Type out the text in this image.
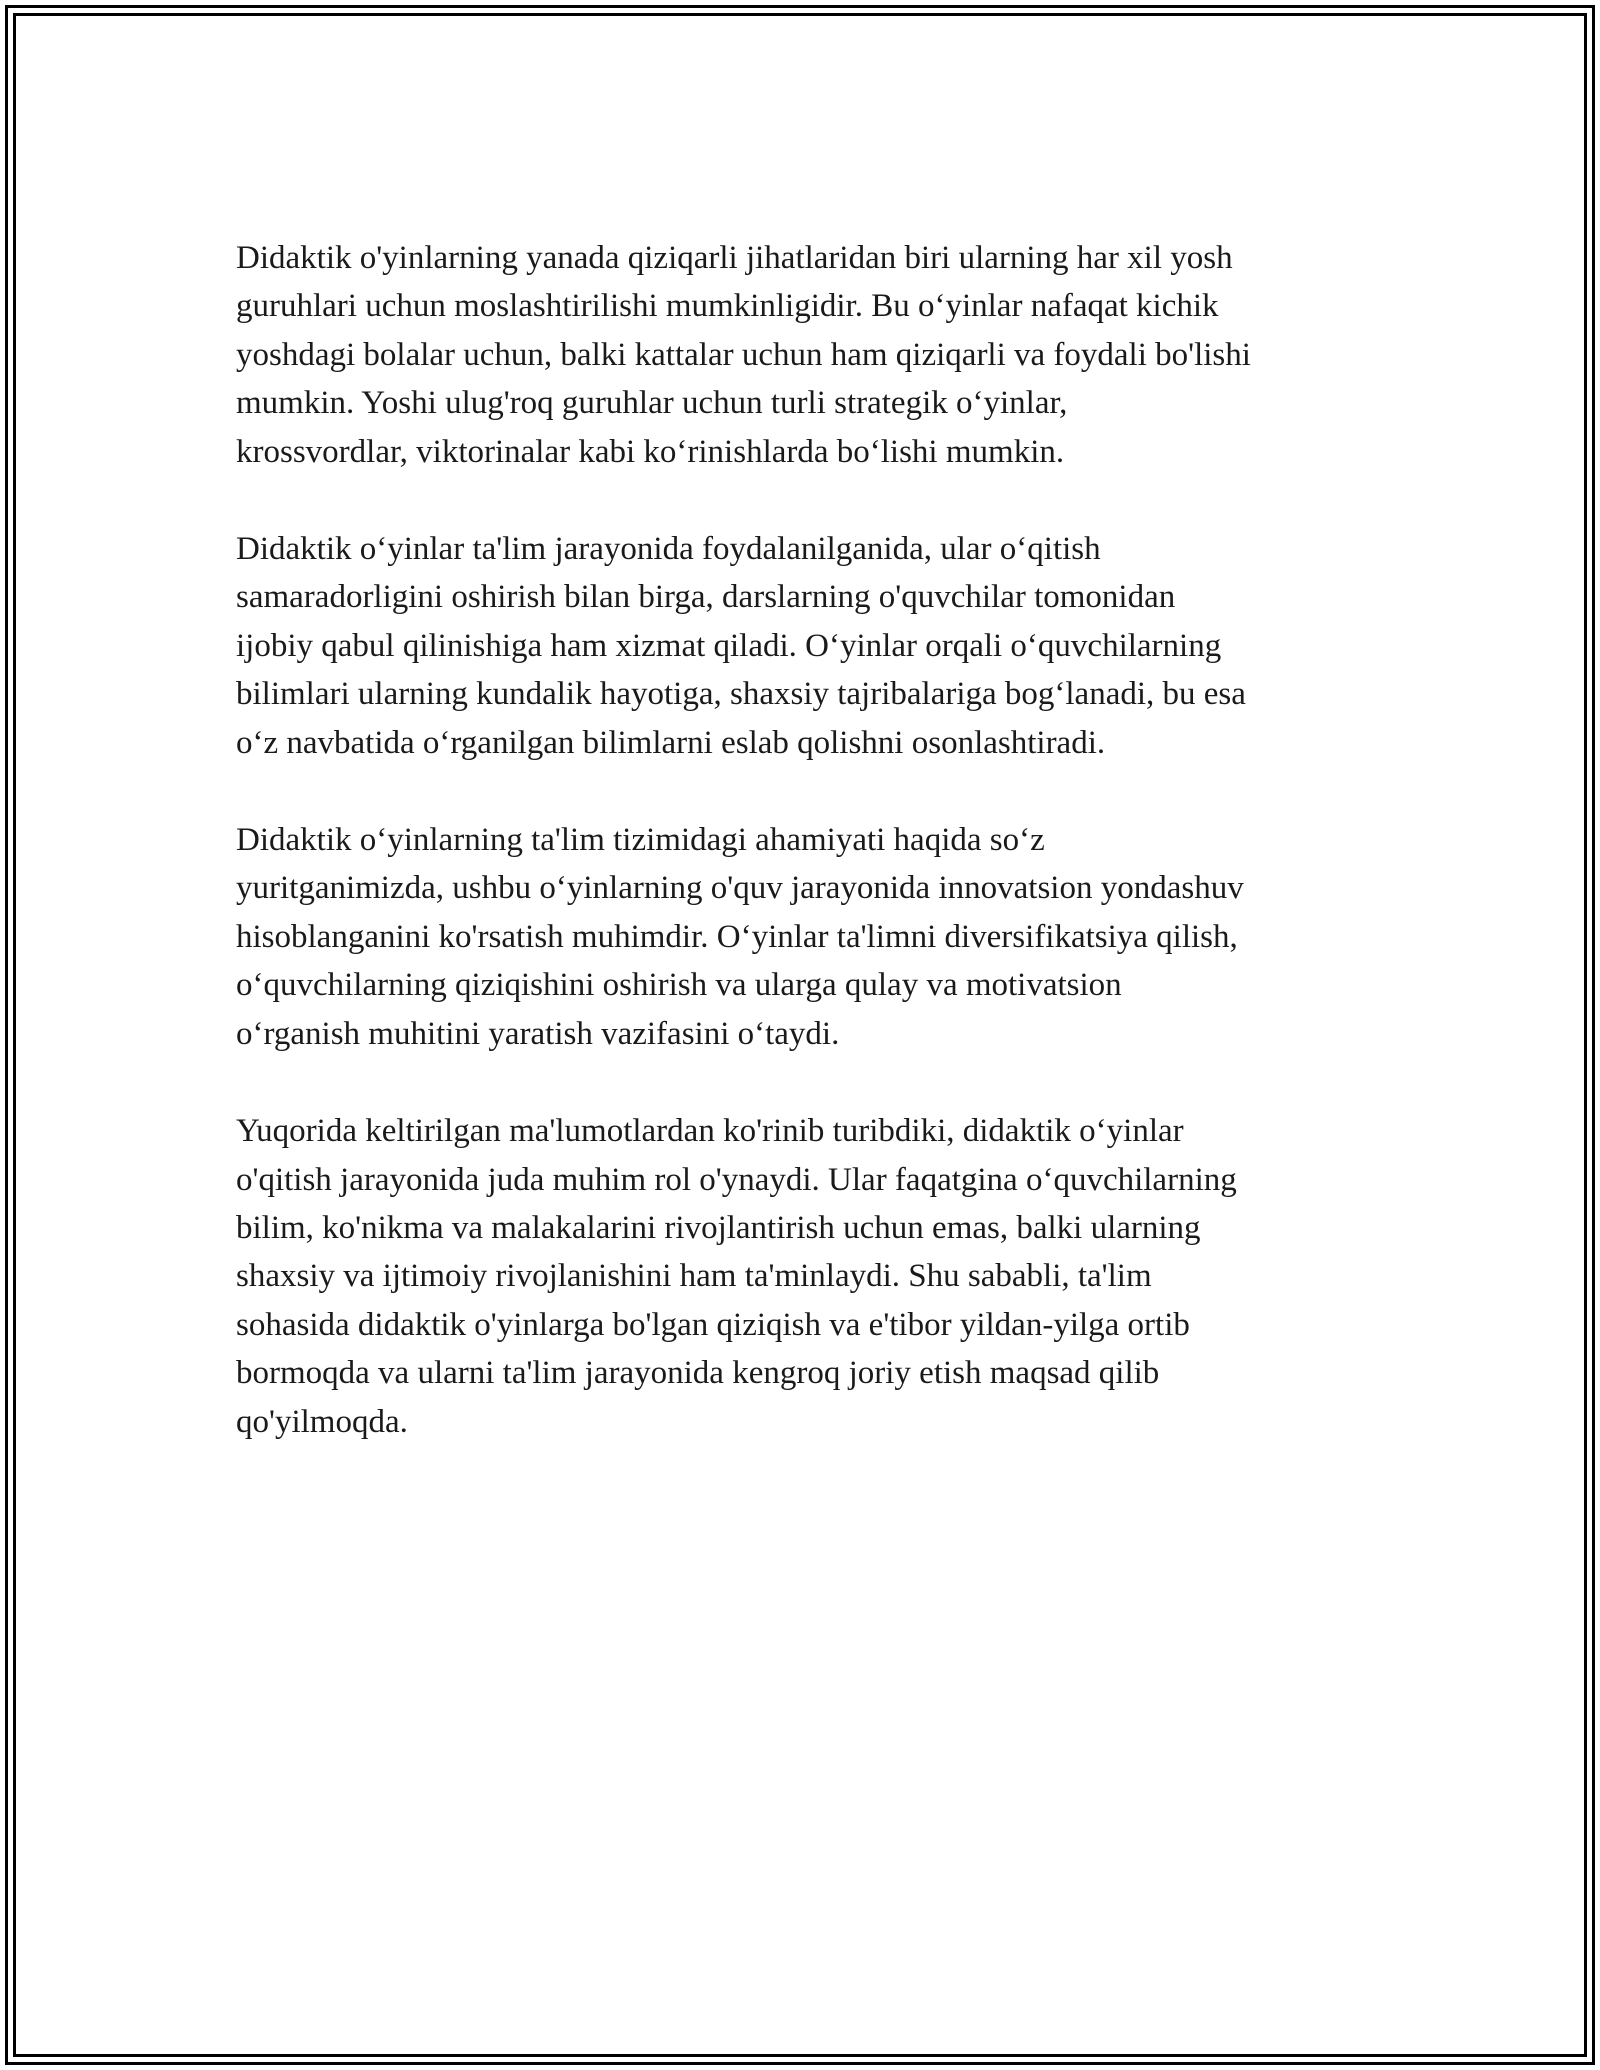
Didaktik o'yinlarning yanada qiziqarli jihatlaridan biri ularning har xil yosh
guruhlari uchun moslashtirilishi mumkinligidir. Bu o‘yinlar nafaqat kichik
yoshdagi bolalar uchun, balki kattalar uchun ham qiziqarli va foydali bo'lishi
mumkin. Yoshi ulug'roq guruhlar uchun turli strategik o‘yinlar,
krossvordlar, viktorinalar kabi ko‘rinishlarda bo‘lishi mumkin.

Didaktik o‘yinlar ta'lim jarayonida foydalanilganida, ular o‘qitish
samaradorligini oshirish bilan birga, darslarning o'quvchilar tomonidan
ijobiy qabul qilinishiga ham xizmat qiladi. O‘yinlar orqali o‘quvchilarning
bilimlari ularning kundalik hayotiga, shaxsiy tajribalariga bog‘lanadi, bu esa
o‘z navbatida o‘rganilgan bilimlarni eslab qolishni osonlashtiradi.

Didaktik o‘yinlarning ta'lim tizimidagi ahamiyati haqida so‘z
yuritganimizda, ushbu o‘yinlarning o'quv jarayonida innovatsion yondashuv
hisoblanganini ko'rsatish muhimdir. O‘yinlar ta'limni diversifikatsiya qilish,
o‘quvchilarning qiziqishini oshirish va ularga qulay va motivatsion
o‘rganish muhitini yaratish vazifasini o‘taydi.

Yuqorida keltirilgan ma'lumotlardan ko'rinib turibdiki, didaktik o‘yinlar
o'qitish jarayonida juda muhim rol o'ynaydi. Ular faqatgina o‘quvchilarning
bilim, ko'nikma va malakalarini rivojlantirish uchun emas, balki ularning
shaxsiy va ijtimoiy rivojlanishini ham ta'minlaydi. Shu sababli, ta'lim
sohasida didaktik o'yinlarga bo'lgan qiziqish va e'tibor yildan-yilga ortib
bormoqda va ularni ta'lim jarayonida kengroq joriy etish maqsad qilib
qo'yilmoqda.
